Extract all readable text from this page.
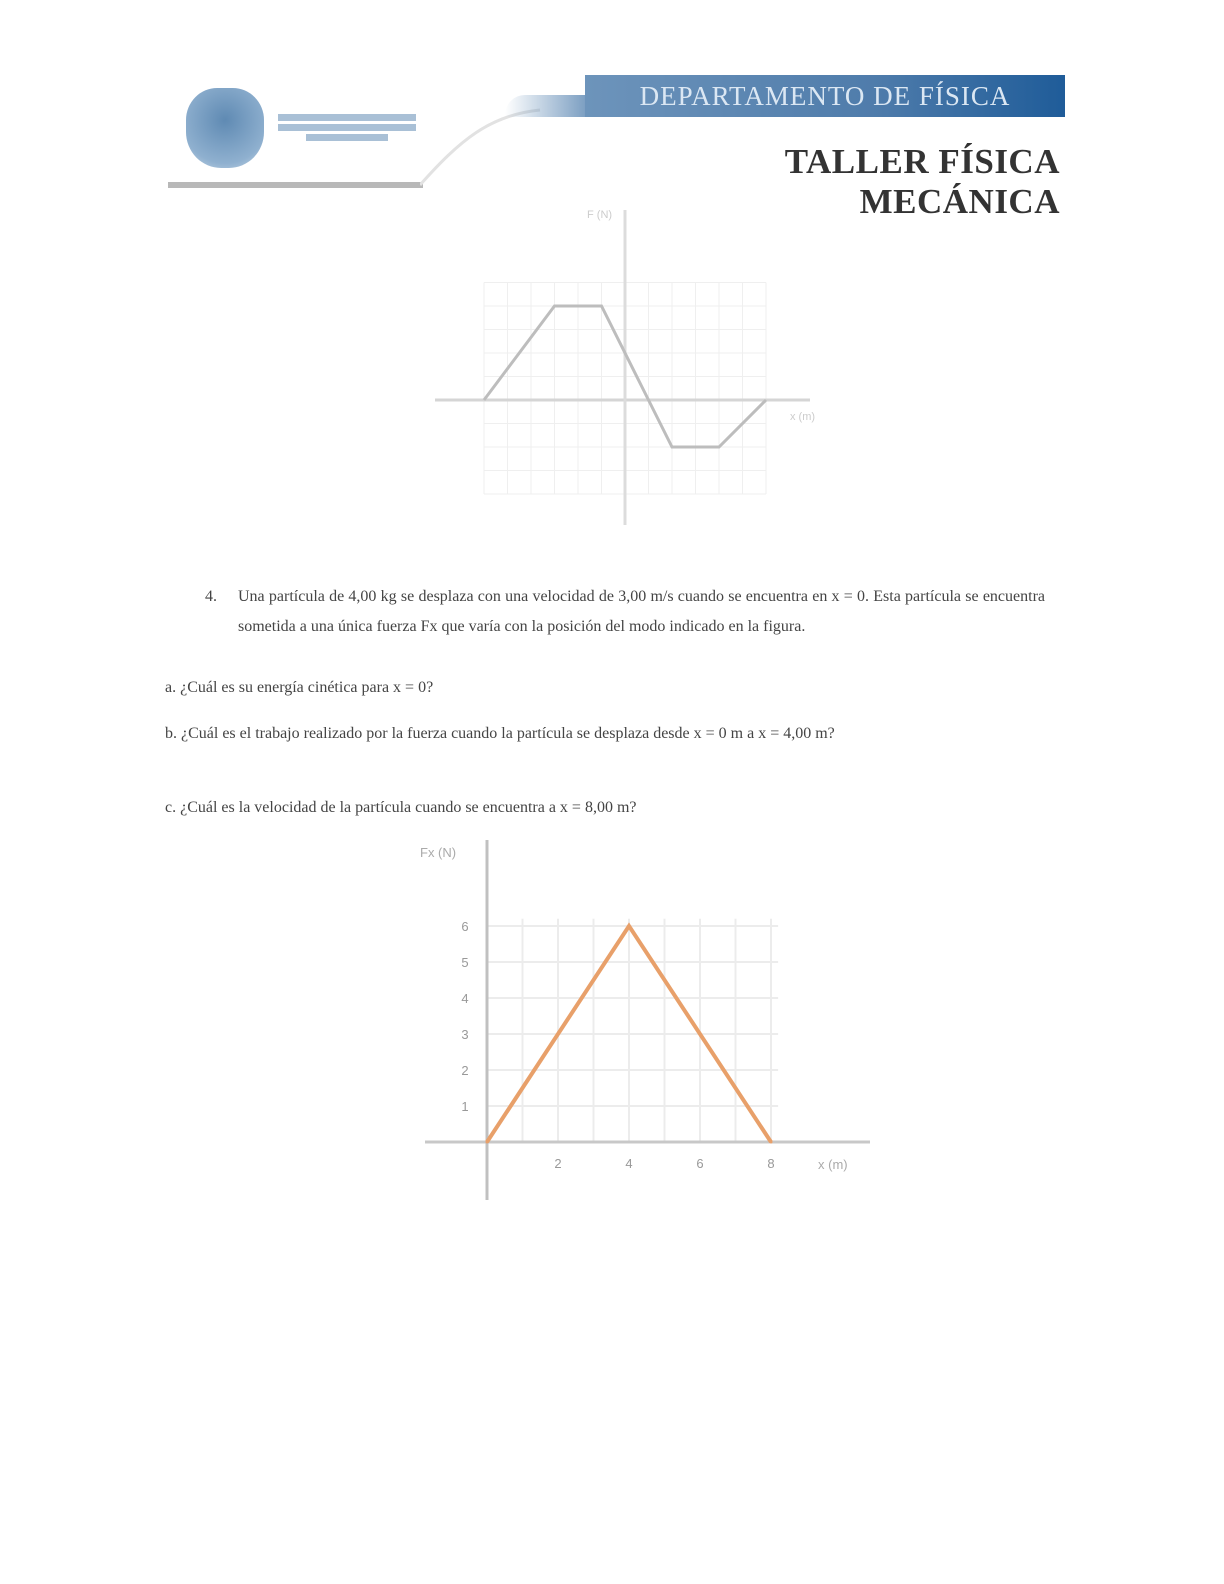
DEPARTAMENTO DE FÍSICA
TALLER FÍSICA MECÁNICA
x (m)
F (N)
4. Una partícula de 4,00 kg se desplaza con una velocidad de 3,00 m/s cuando se encuentra en x = 0. Esta partícula se encuentra sometida a una única fuerza Fx que varía con la posición del modo indicado en la figura.
a. ¿Cuál es su energía cinética para x = 0?
b. ¿Cuál es el trabajo realizado por la fuerza cuando la partícula se desplaza desde x = 0 m a x = 4,00 m?
c. ¿Cuál es la velocidad de la partícula cuando se encuentra a x = 8,00 m?
2	4	6	8
1
2
3
4
5
6
x (m)
Fx (N)
